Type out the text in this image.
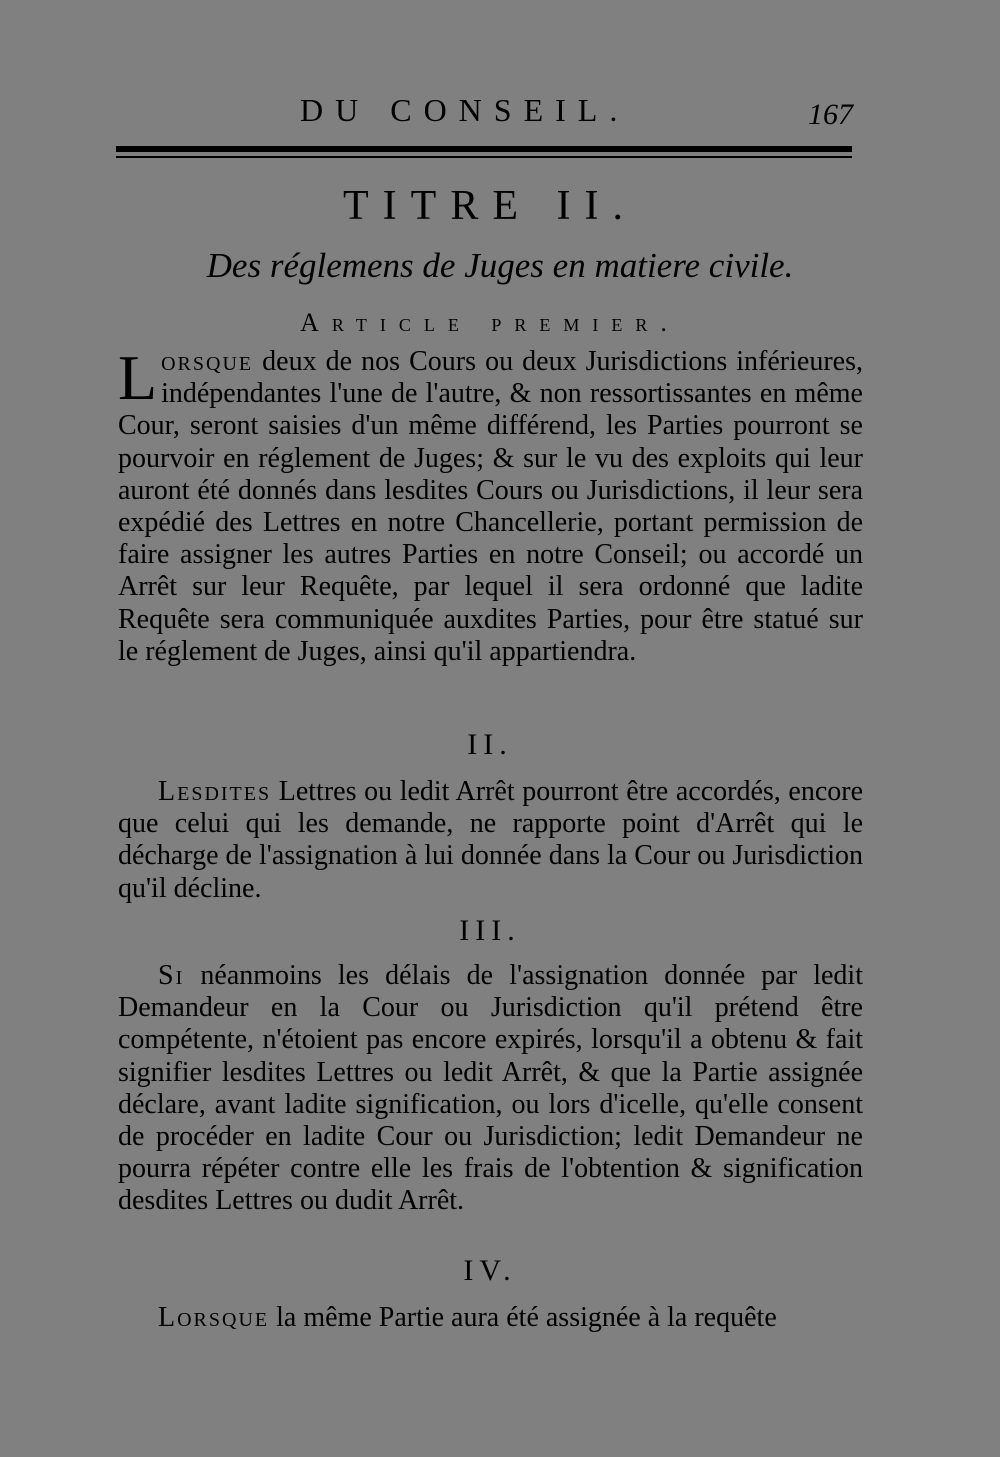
DU CONSEIL.	167
TITRE II.
Des réglemens de Juges en matiere civile.
Article premier.

Lorsque deux de nos Cours ou deux Jurisdictions inférieures, indépendantes l'une de l'autre, & non ressortissantes en même Cour, seront saisies d'un même différend, les Parties pourront se pourvoir en réglement de Juges; & sur le vu des exploits qui leur auront été donnés dans lesdites Cours ou Jurisdictions, il leur sera expédié des Lettres en notre Chancellerie, portant permission de faire assigner les autres Parties en notre Conseil; ou accordé un Arrêt sur leur Requête, par lequel il sera ordonné que ladite Requête sera communiquée auxdites Parties, pour être statué sur le réglement de Juges, ainsi qu'il appartiendra.

II.

Lesdites Lettres ou ledit Arrêt pourront être accordés, encore que celui qui les demande, ne rapporte point d'Arrêt qui le décharge de l'assignation à lui donnée dans la Cour ou Jurisdiction qu'il décline.

III.

Si néanmoins les délais de l'assignation donnée par ledit Demandeur en la Cour ou Jurisdiction qu'il prétend être compétente, n'étoient pas encore expirés, lorsqu'il a obtenu & fait signifier lesdites Lettres ou ledit Arrêt, & que la Partie assignée déclare, avant ladite signification, ou lors d'icelle, qu'elle consent de procéder en ladite Cour ou Jurisdiction; ledit Demandeur ne pourra répéter contre elle les frais de l'obtention & signification desdites Lettres ou dudit Arrêt.

IV.

Lorsque la même Partie aura été assignée à la requête
